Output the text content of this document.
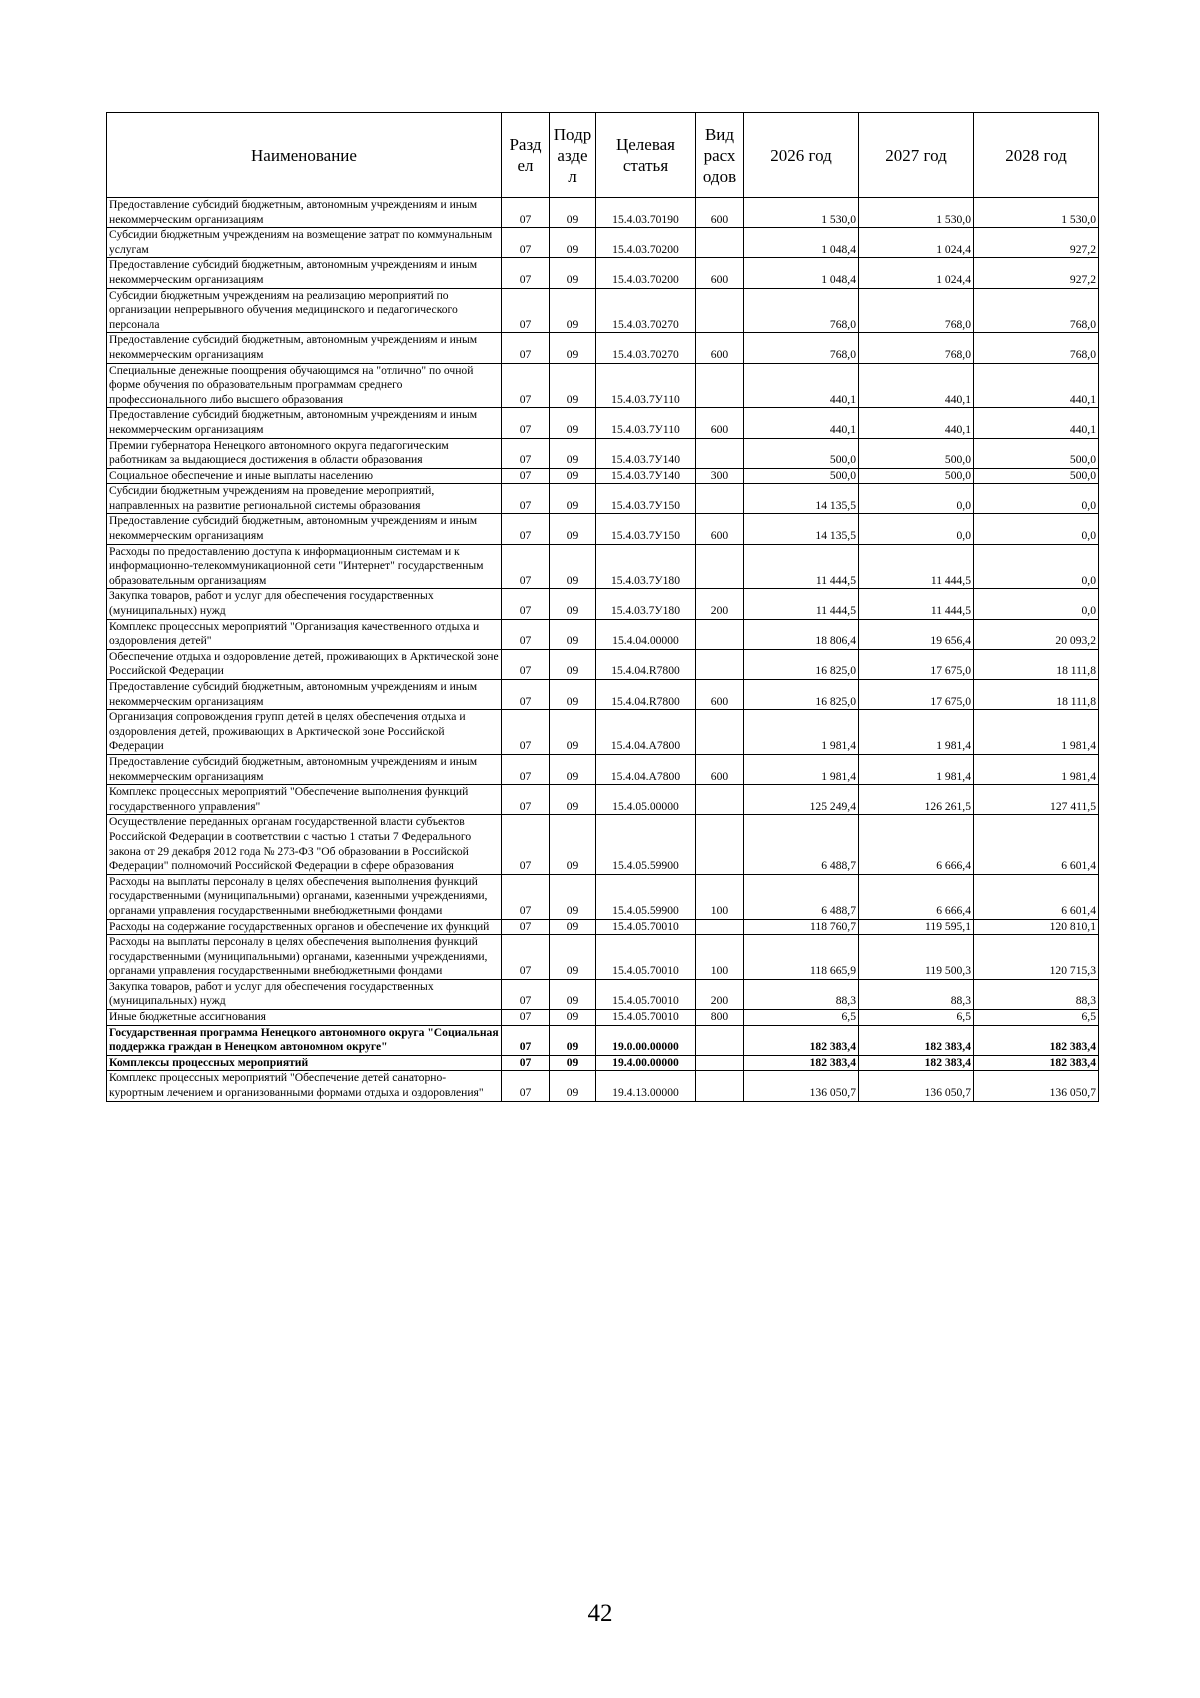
Наименование	Разд ел	Подр азде л	Целевая статья	Вид расх одов	2026 год	2027 год	2028 год
Предоставление субсидий бюджетным, автономным учреждениям и иным некоммерческим организациям	07	09	15.4.03.70190	600	1 530,0	1 530,0	1 530,0
Субсидии бюджетным учреждениям на возмещение затрат по коммунальным услугам	07	09	15.4.03.70200		1 048,4	1 024,4	927,2
Предоставление субсидий бюджетным, автономным учреждениям и иным некоммерческим организациям	07	09	15.4.03.70200	600	1 048,4	1 024,4	927,2
Субсидии бюджетным учреждениям на реализацию мероприятий по организации непрерывного обучения медицинского и педагогического персонала	07	09	15.4.03.70270		768,0	768,0	768,0
Предоставление субсидий бюджетным, автономным учреждениям и иным некоммерческим организациям	07	09	15.4.03.70270	600	768,0	768,0	768,0
Специальные денежные поощрения обучающимся на "отлично" по очной форме обучения по образовательным программам среднего профессионального либо высшего образования	07	09	15.4.03.7У110		440,1	440,1	440,1
Предоставление субсидий бюджетным, автономным учреждениям и иным некоммерческим организациям	07	09	15.4.03.7У110	600	440,1	440,1	440,1
Премии губернатора Ненецкого автономного округа педагогическим работникам за выдающиеся достижения в области образования	07	09	15.4.03.7У140		500,0	500,0	500,0
Социальное обеспечение и иные выплаты населению	07	09	15.4.03.7У140	300	500,0	500,0	500,0
Субсидии бюджетным учреждениям на проведение мероприятий, направленных на развитие региональной системы образования	07	09	15.4.03.7У150		14 135,5	0,0	0,0
Предоставление субсидий бюджетным, автономным учреждениям и иным некоммерческим организациям	07	09	15.4.03.7У150	600	14 135,5	0,0	0,0
Расходы по предоставлению доступа к информационным системам и к информационно-телекоммуникационной сети "Интернет" государственным образовательным организациям	07	09	15.4.03.7У180		11 444,5	11 444,5	0,0
Закупка товаров, работ и услуг для обеспечения государственных (муниципальных) нужд	07	09	15.4.03.7У180	200	11 444,5	11 444,5	0,0
Комплекс процессных мероприятий "Организация качественного отдыха и оздоровления детей"	07	09	15.4.04.00000		18 806,4	19 656,4	20 093,2
Обеспечение отдыха и оздоровление детей, проживающих в Арктической зоне Российской Федерации	07	09	15.4.04.R7800		16 825,0	17 675,0	18 111,8
Предоставление субсидий бюджетным, автономным учреждениям и иным некоммерческим организациям	07	09	15.4.04.R7800	600	16 825,0	17 675,0	18 111,8
Организация сопровождения групп детей в целях обеспечения отдыха и оздоровления детей, проживающих в Арктической зоне Российской Федерации	07	09	15.4.04.А7800		1 981,4	1 981,4	1 981,4
Предоставление субсидий бюджетным, автономным учреждениям и иным некоммерческим организациям	07	09	15.4.04.А7800	600	1 981,4	1 981,4	1 981,4
Комплекс процессных мероприятий "Обеспечение выполнения функций государственного управления"	07	09	15.4.05.00000		125 249,4	126 261,5	127 411,5
Осуществление переданных органам государственной власти субъектов Российской Федерации в соответствии с частью 1 статьи 7 Федерального закона от 29 декабря 2012 года № 273-ФЗ "Об образовании в Российской Федерации" полномочий Российской Федерации в сфере образования	07	09	15.4.05.59900		6 488,7	6 666,4	6 601,4
Расходы на выплаты персоналу в целях обеспечения выполнения функций государственными (муниципальными) органами, казенными учреждениями, органами управления государственными внебюджетными фондами	07	09	15.4.05.59900	100	6 488,7	6 666,4	6 601,4
Расходы на содержание государственных органов и обеспечение их функций	07	09	15.4.05.70010		118 760,7	119 595,1	120 810,1
Расходы на выплаты персоналу в целях обеспечения выполнения функций государственными (муниципальными) органами, казенными учреждениями, органами управления государственными внебюджетными фондами	07	09	15.4.05.70010	100	118 665,9	119 500,3	120 715,3
Закупка товаров, работ и услуг для обеспечения государственных (муниципальных) нужд	07	09	15.4.05.70010	200	88,3	88,3	88,3
Иные бюджетные ассигнования	07	09	15.4.05.70010	800	6,5	6,5	6,5
Государственная программа Ненецкого автономного округа "Социальная поддержка граждан в Ненецком автономном округе"	07	09	19.0.00.00000		182 383,4	182 383,4	182 383,4
Комплексы процессных мероприятий	07	09	19.4.00.00000		182 383,4	182 383,4	182 383,4
Комплекс процессных мероприятий "Обеспечение детей санаторно-курортным лечением и организованными формами отдыха и оздоровления"	07	09	19.4.13.00000		136 050,7	136 050,7	136 050,7
42
